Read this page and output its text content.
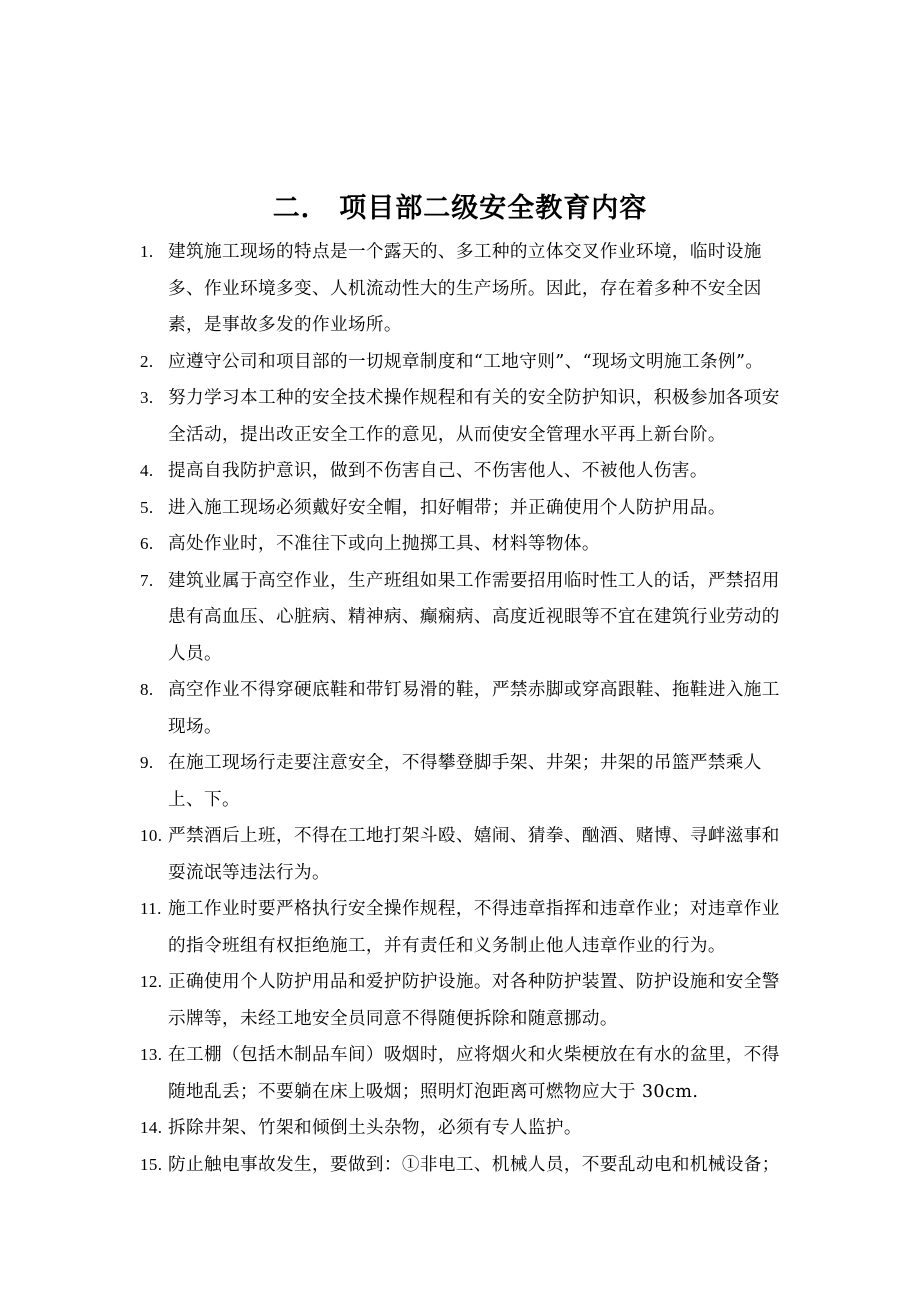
二． 项目部二级安全教育内容
1. 建筑施工现场的特点是一个露天的、多工种的立体交叉作业环境，临时设施多、作业环境多变、人机流动性大的生产场所。因此，存在着多种不安全因素，是事故多发的作业场所。
2. 应遵守公司和项目部的一切规章制度和“工地守则”、“现场文明施工条例”。
3. 努力学习本工种的安全技术操作规程和有关的安全防护知识，积极参加各项安全活动，提出改正安全工作的意见，从而使安全管理水平再上新台阶。
4. 提高自我防护意识，做到不伤害自己、不伤害他人、不被他人伤害。
5. 进入施工现场必须戴好安全帽，扣好帽带；并正确使用个人防护用品。
6. 高处作业时，不准往下或向上抛掷工具、材料等物体。
7. 建筑业属于高空作业，生产班组如果工作需要招用临时性工人的话，严禁招用患有高血压、心脏病、精神病、癫痫病、高度近视眼等不宜在建筑行业劳动的人员。
8. 高空作业不得穿硬底鞋和带钉易滑的鞋，严禁赤脚或穿高跟鞋、拖鞋进入施工现场。
9. 在施工现场行走要注意安全，不得攀登脚手架、井架；井架的吊篮严禁乘人上、下。
10. 严禁酒后上班，不得在工地打架斗殴、嬉闹、猜拳、酗酒、赌博、寻衅滋事和耍流氓等违法行为。
11. 施工作业时要严格执行安全操作规程，不得违章指挥和违章作业；对违章作业的指令班组有权拒绝施工，并有责任和义务制止他人违章作业的行为。
12. 正确使用个人防护用品和爱护防护设施。对各种防护装置、防护设施和安全警示牌等，未经工地安全员同意不得随便拆除和随意挪动。
13. 在工棚（包括木制品车间）吸烟时，应将烟火和火柴梗放在有水的盆里，不得随地乱丢；不要躺在床上吸烟；照明灯泡距离可燃物应大于 30cm.
14. 拆除井架、竹架和倾倒土头杂物，必须有专人监护。
15. 防止触电事故发生，要做到：①非电工、机械人员，不要乱动电和机械设备；
